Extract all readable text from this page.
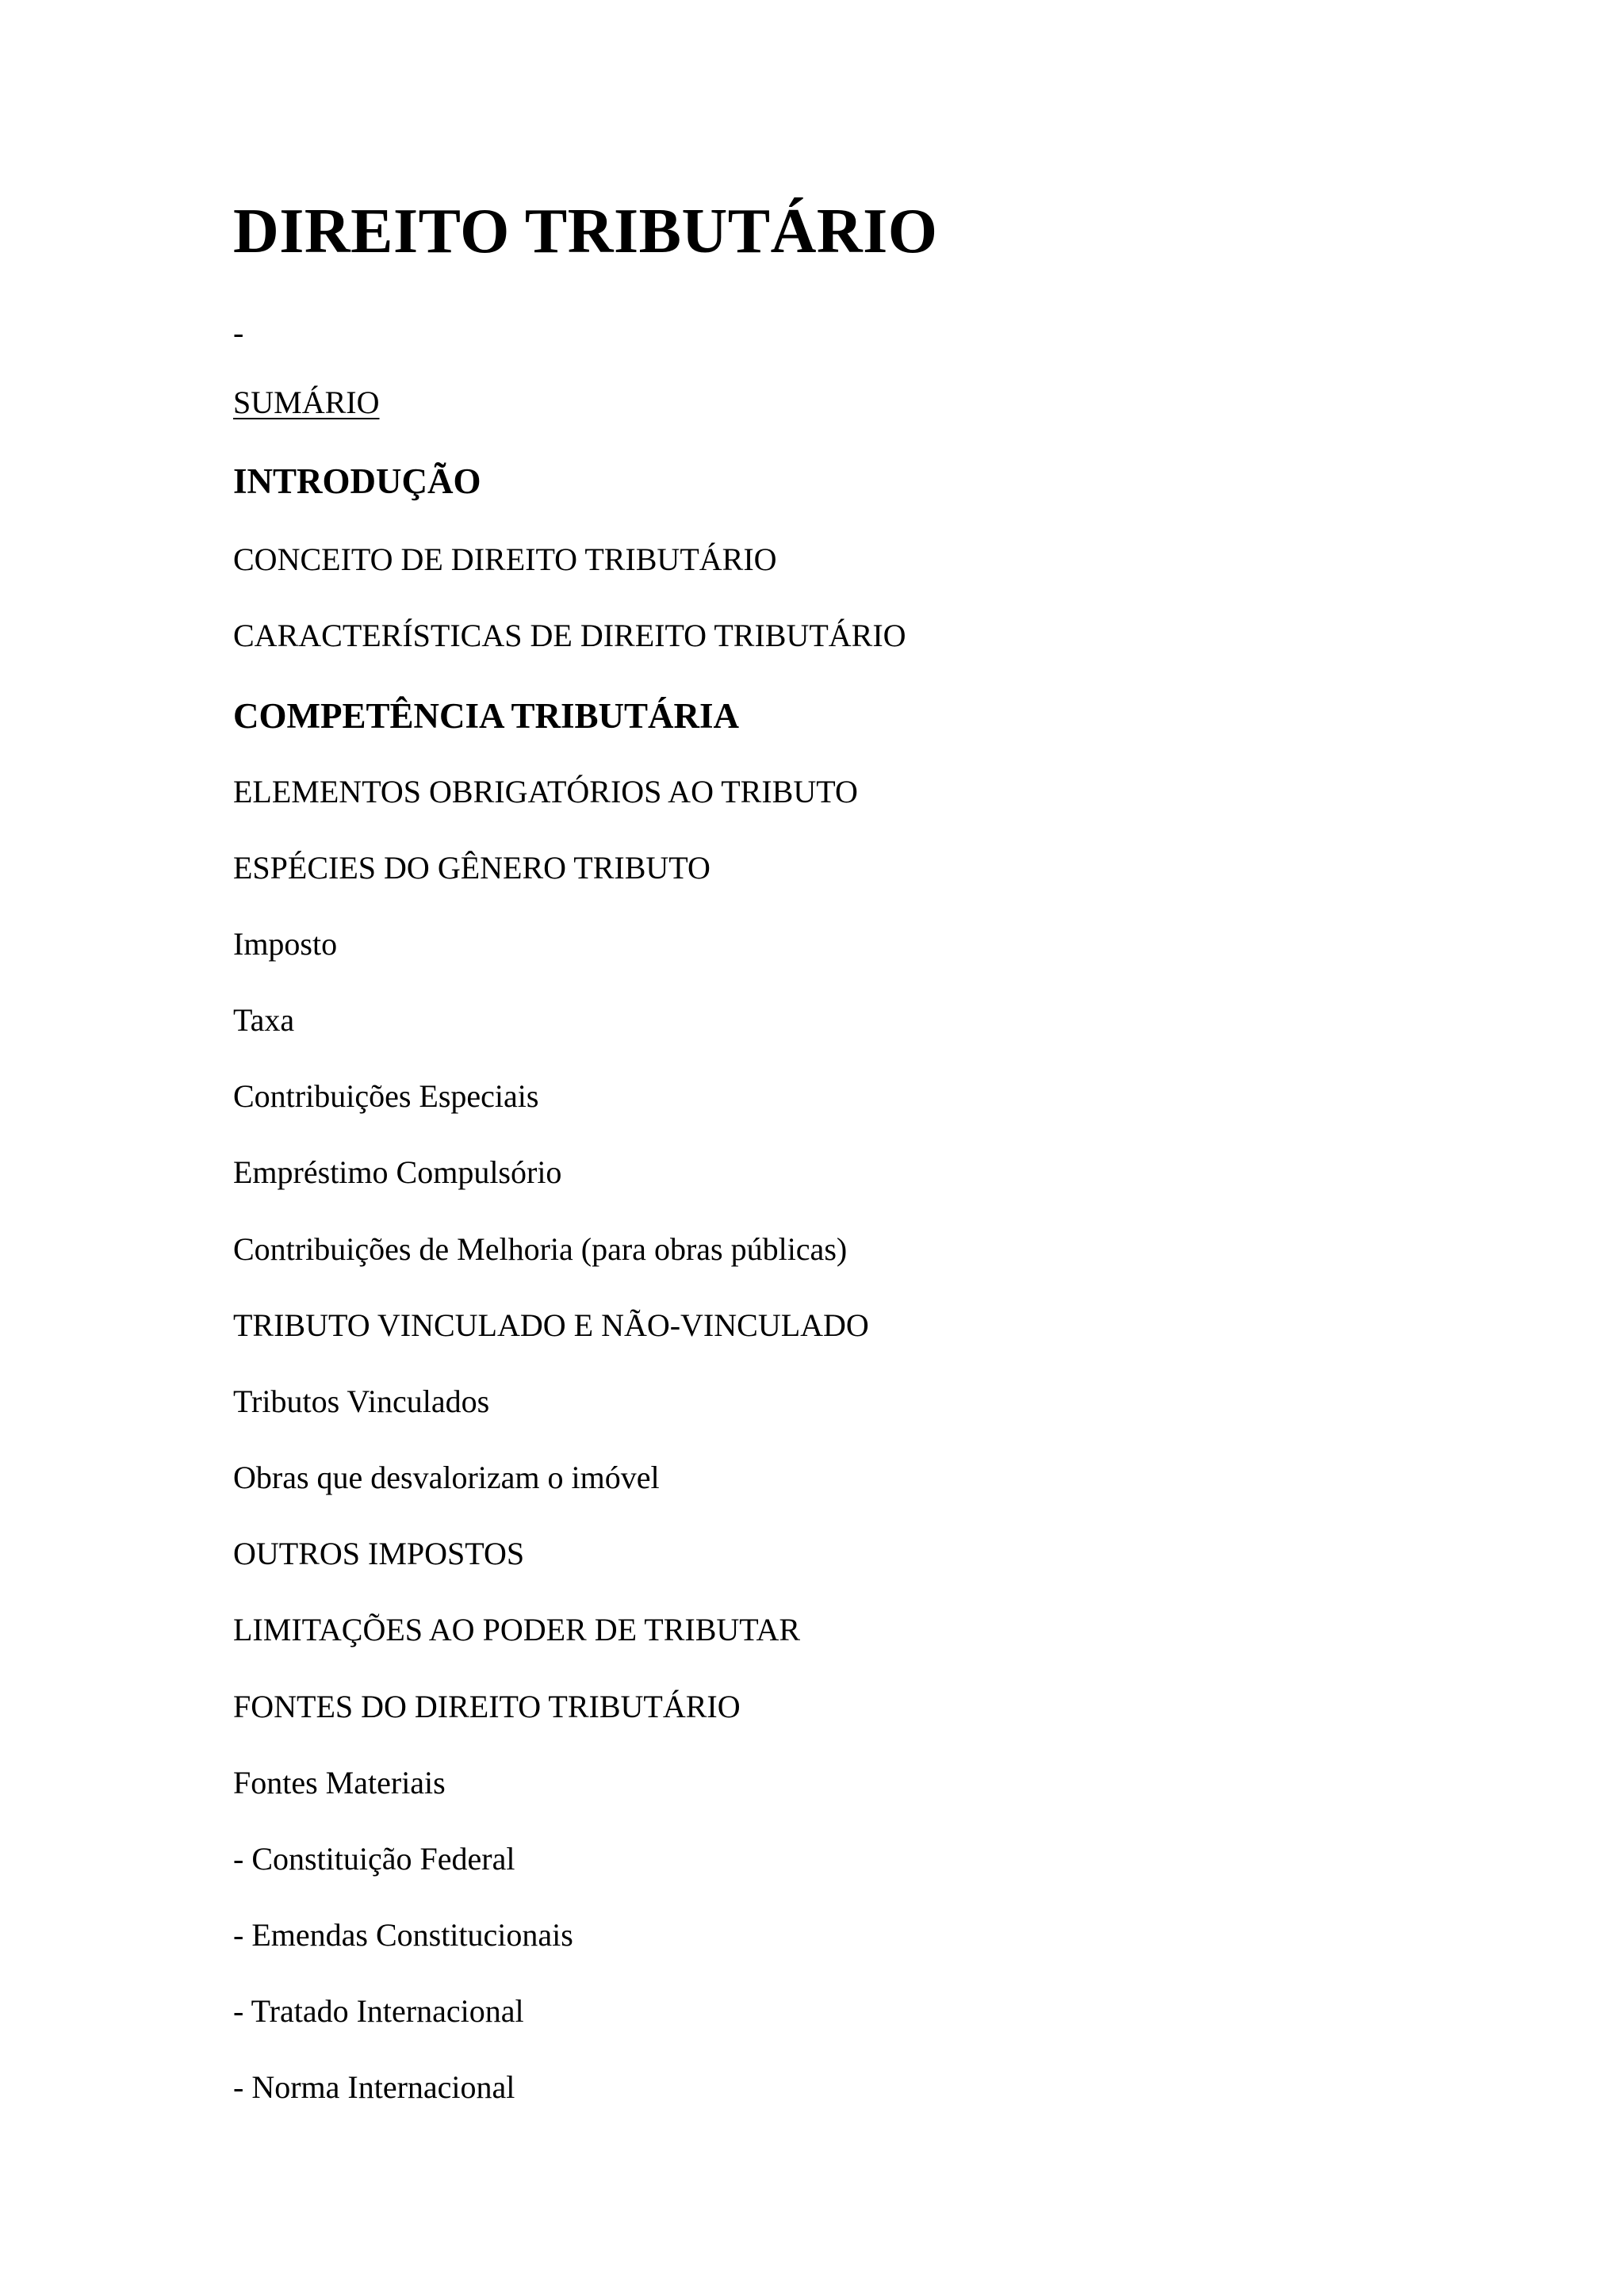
DIREITO TRIBUTÁRIO
-
SUMÁRIO
INTRODUÇÃO
CONCEITO DE DIREITO TRIBUTÁRIO
CARACTERÍSTICAS DE DIREITO TRIBUTÁRIO
COMPETÊNCIA TRIBUTÁRIA
ELEMENTOS OBRIGATÓRIOS AO TRIBUTO
ESPÉCIES DO GÊNERO TRIBUTO
Imposto
Taxa
Contribuições Especiais
Empréstimo Compulsório
Contribuições de Melhoria (para obras públicas)
TRIBUTO VINCULADO E NÃO-VINCULADO
Tributos Vinculados
Obras que desvalorizam o imóvel
OUTROS IMPOSTOS
LIMITAÇÕES AO PODER DE TRIBUTAR
FONTES DO DIREITO TRIBUTÁRIO
Fontes Materiais
- Constituição Federal
- Emendas Constitucionais
- Tratado Internacional
- Norma Internacional
